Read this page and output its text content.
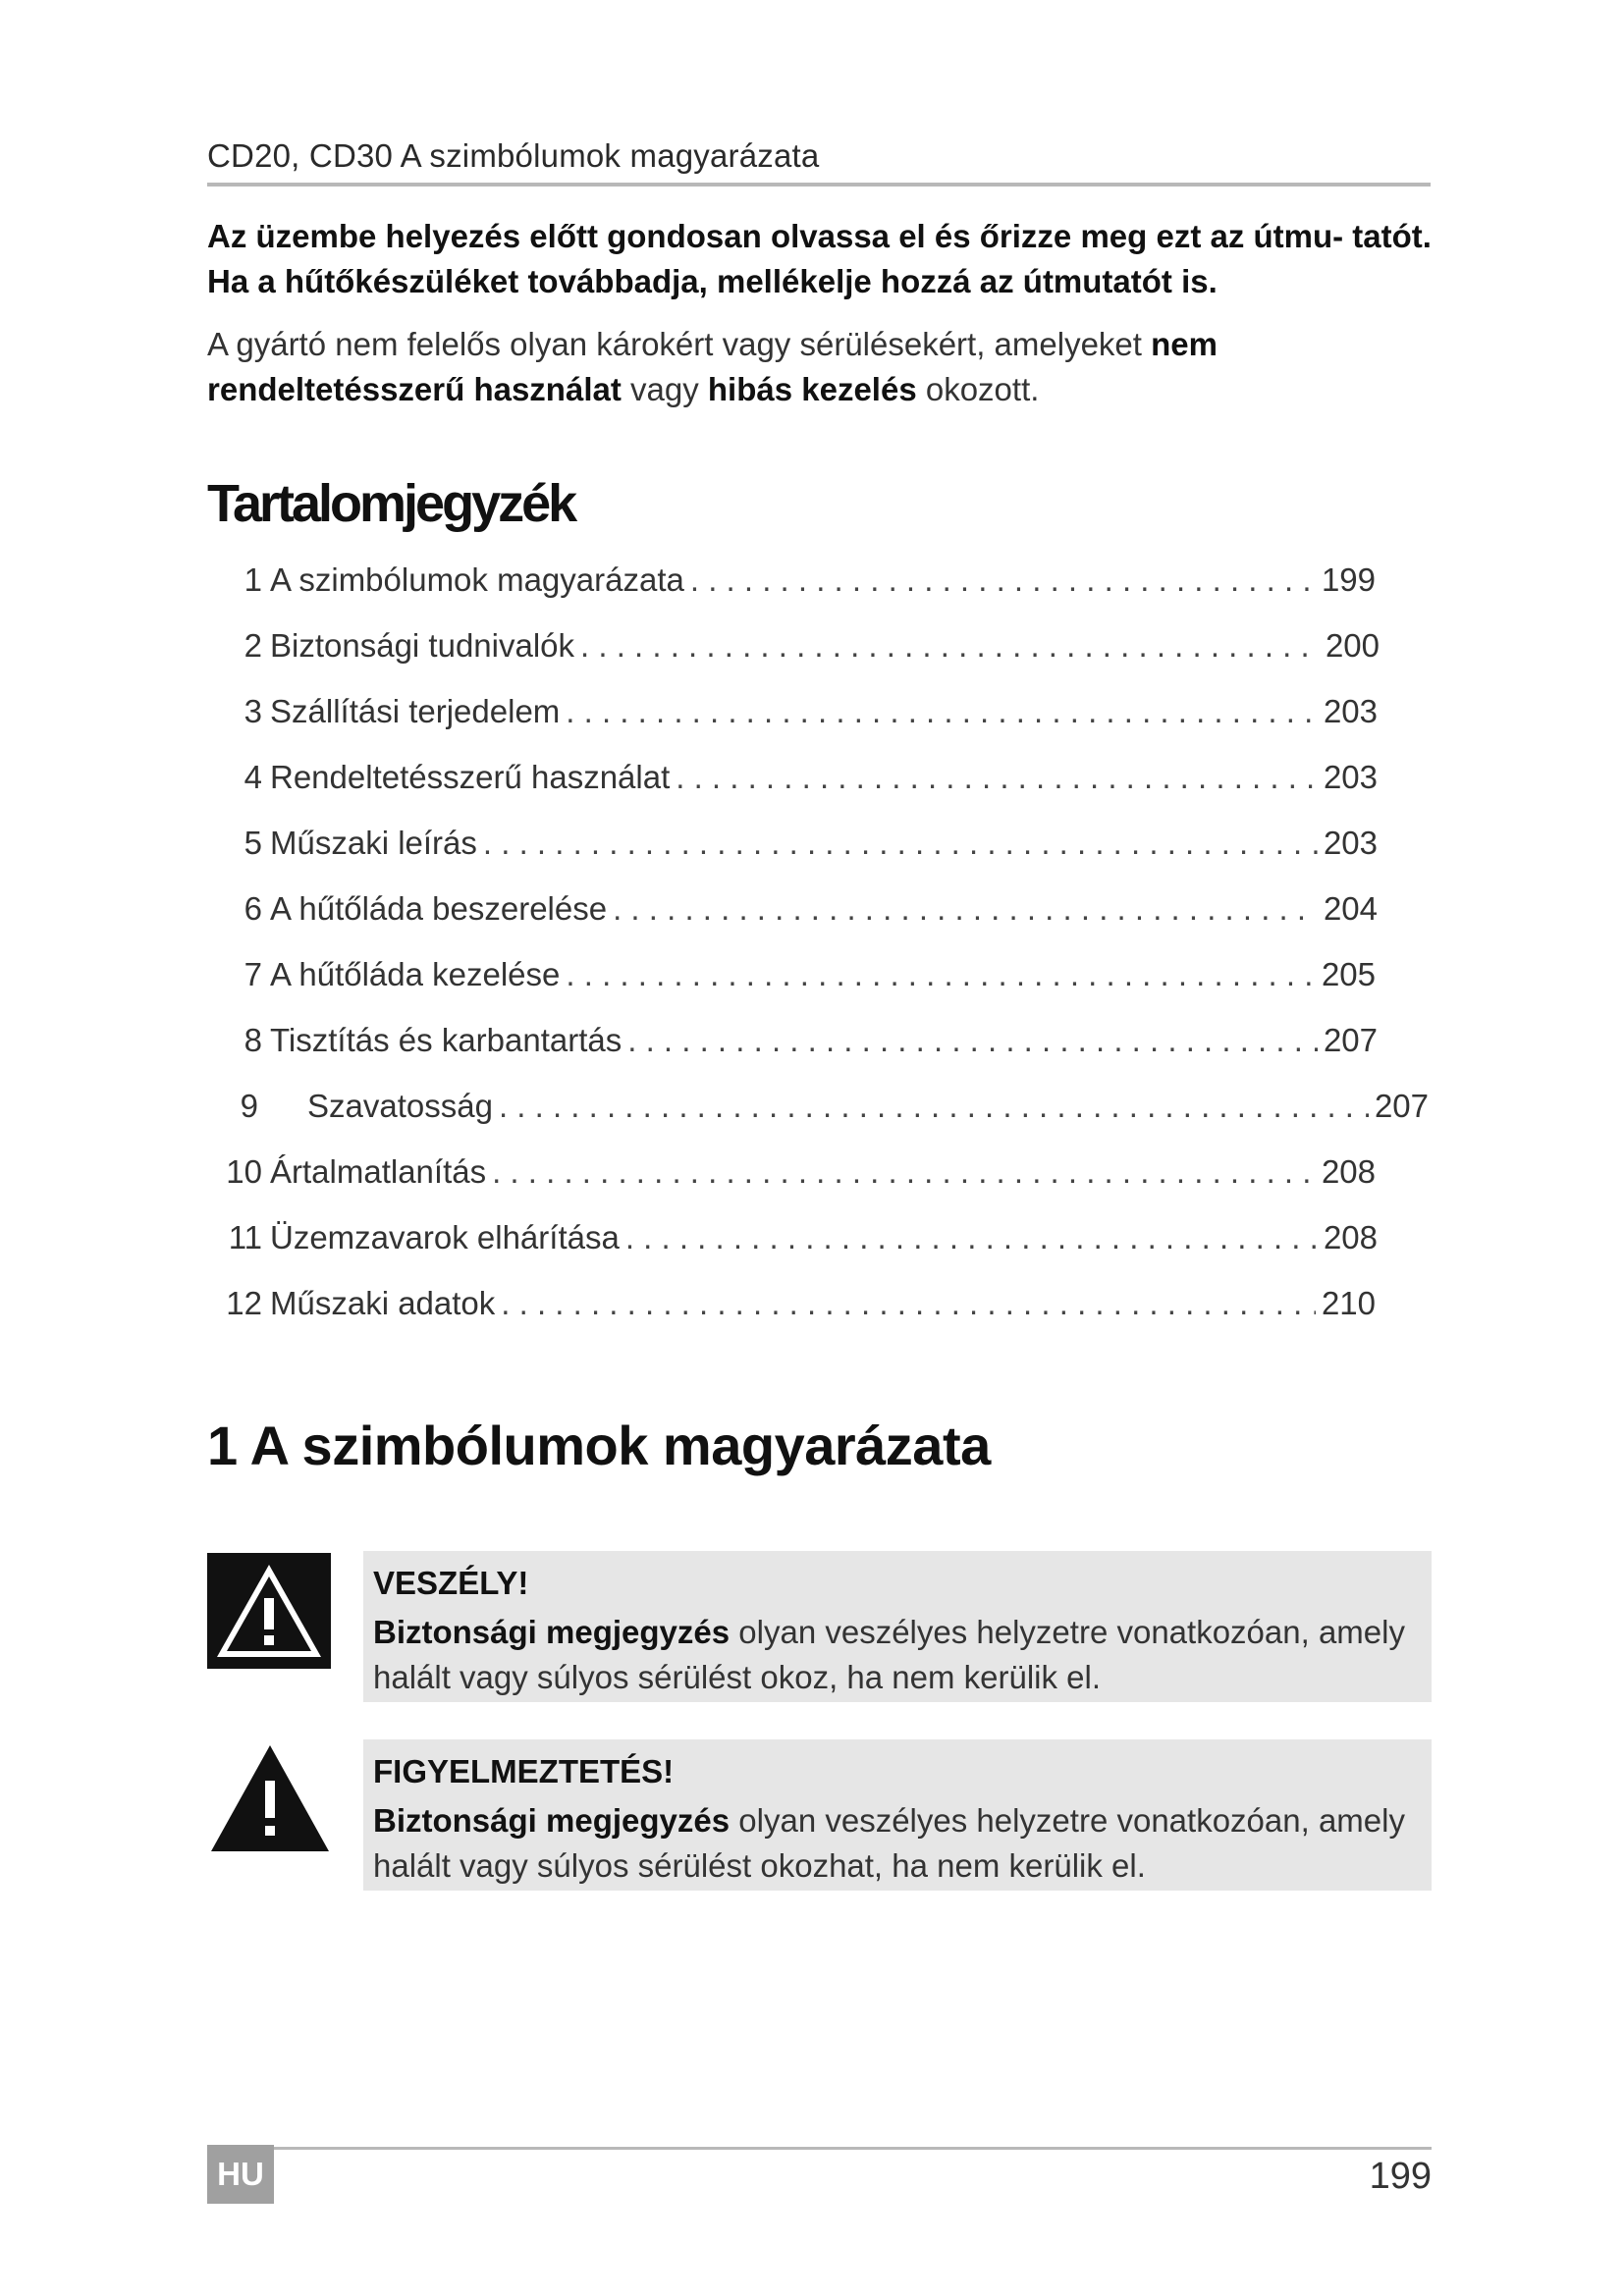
CD20, CD30 A szimbólumok magyarázata
Az üzembe helyezés előtt gondosan olvassa el és őrizze meg ezt az útmu- tatót. Ha a hűtőkészüléket továbbadja, mellékelje hozzá az útmutatót is.
A gyártó nem felelős olyan károkért vagy sérülésekért, amelyeket nem
rendeltetésszerű használat vagy hibás kezelés okozott.
Tartalomjegyzék
1 A szimbólumok magyarázata . . .	199
2 Biztonsági tudnivalók . . .	200
3 Szállítási terjedelem . . .	203
4 Rendeltetésszerű használat . . .	203
5 Műszaki leírás . . .	203
6 A hűtőláda beszerelése . . .	204
7 A hűtőláda kezelése . . .	205
8 Tisztítás és karbantartás . . .	207
9 Szavatosság . . .	207
10 Ártalmatlanítás . . .	208
11 Üzemzavarok elhárítása . . .	208
12 Műszaki adatok . . .	210
1 A szimbólumok magyarázata
VESZÉLY!
Biztonsági megjegyzés olyan veszélyes helyzetre vonatkozóan, amely halált vagy súlyos sérülést okoz, ha nem kerülik el.
FIGYELMEZTETÉS!
Biztonsági megjegyzés olyan veszélyes helyzetre vonatkozóan, amely halált vagy súlyos sérülést okozhat, ha nem kerülik el.
HU	199
